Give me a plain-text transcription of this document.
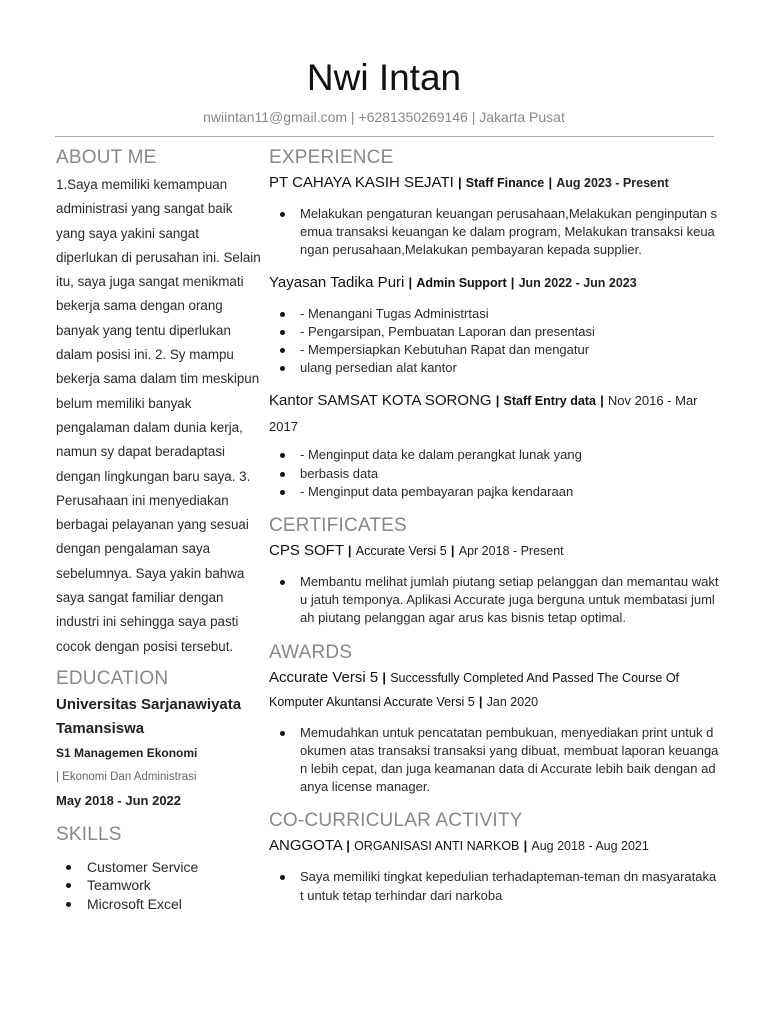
Nwi Intan
nwiintan11@gmail.com | +6281350269146 | Jakarta Pusat
ABOUT ME

1.Saya memiliki kemampuan administrasi yang sangat baik yang saya yakini sangat diperlukan di perusahan ini. Selain itu, saya juga sangat menikmati bekerja sama dengan orang banyak yang tentu diperlukan dalam posisi ini. 2. Sy mampu bekerja sama dalam tim meskipun belum memiliki banyak pengalaman dalam dunia kerja, namun sy dapat beradaptasi dengan lingkungan baru saya. 3. Perusahaan ini menyediakan berbagai pelayanan yang sesuai dengan pengalaman saya sebelumnya. Saya yakin bahwa saya sangat familiar dengan industri ini sehingga saya pasti cocok dengan posisi tersebut.

EDUCATION
Universitas Sarjanawiyata Tamansiswa
S1 Managemen Ekonomi
| Ekonomi Dan Administrasi
May 2018 - Jun 2022
SKILLS
Customer Service
Teamwork
Microsoft Excel
EXPERIENCE
PT CAHAYA KASIH SEJATI | Staff Finance | Aug 2023 - Present
Melakukan pengaturan keuangan perusahaan,Melakukan penginputan semua transaksi keuangan ke dalam program, Melakukan transaksi keuangan perusahaan,Melakukan pembayaran kepada supplier.
Yayasan Tadika Puri | Admin Support | Jun 2022 - Jun 2023
- Menangani Tugas Administrtasi
- Pengarsipan, Pembuatan Laporan dan presentasi
- Mempersiapkan Kebutuhan Rapat dan mengatur
ulang persedian alat kantor
Kantor SAMSAT KOTA SORONG | Staff Entry data | Nov 2016 - Mar 2017
- Menginput data ke dalam perangkat lunak yang
berbasis data
- Menginput data pembayaran pajka kendaraan
CERTIFICATES
CPS SOFT | Accurate Versi 5 | Apr 2018 - Present
Membantu melihat jumlah piutang setiap pelanggan dan memantau waktu jatuh temponya. Aplikasi Accurate juga berguna untuk membatasi jumlah piutang pelanggan agar arus kas bisnis tetap optimal.
AWARDS
Accurate Versi 5 | Successfully Completed And Passed The Course Of Komputer Akuntansi Accurate Versi 5 | Jan 2020
Memudahkan untuk pencatatan pembukuan, menyediakan print untuk dokumen atas transaksi transaksi yang dibuat, membuat laporan keuangan lebih cepat, dan juga keamanan data di Accurate lebih baik dengan adanya license manager.
CO-CURRICULAR ACTIVITY
ANGGOTA | ORGANISASI ANTI NARKOB | Aug 2018 - Aug 2021
Saya memiliki tingkat kepedulian terhadapteman-teman dn masyaratakat untuk tetap terhindar dari narkoba
